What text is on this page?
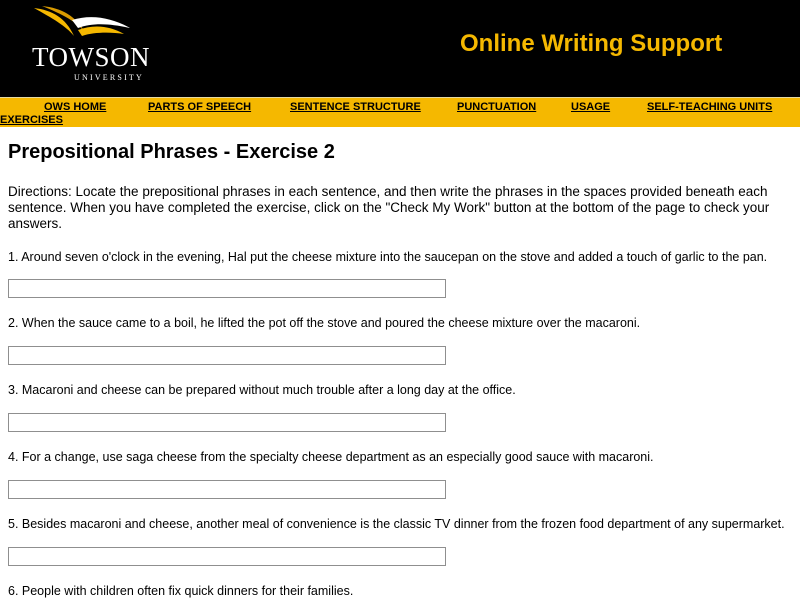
TOWSON
UNIVERSITY
Online Writing Support
OWS HOME	PARTS OF SPEECH	SENTENCE STRUCTURE	PUNCTUATION	USAGE	SELF-TEACHING UNITS
EXERCISES
Prepositional Phrases - Exercise 2

Directions: Locate the prepositional phrases in each sentence, and then write the phrases in the spaces provided beneath each sentence. When you have completed the exercise, click on the "Check My Work" button at the bottom of the page to check your answers.

1. Around seven o'clock in the evening, Hal put the cheese mixture into the saucepan on the stove and added a touch of garlic to the pan.

2. When the sauce came to a boil, he lifted the pot off the stove and poured the cheese mixture over the macaroni.

3. Macaroni and cheese can be prepared without much trouble after a long day at the office.

4. For a change, use saga cheese from the specialty cheese department as an especially good sauce with macaroni.

5. Besides macaroni and cheese, another meal of convenience is the classic TV dinner from the frozen food department of any supermarket.

6. People with children often fix quick dinners for their families.
